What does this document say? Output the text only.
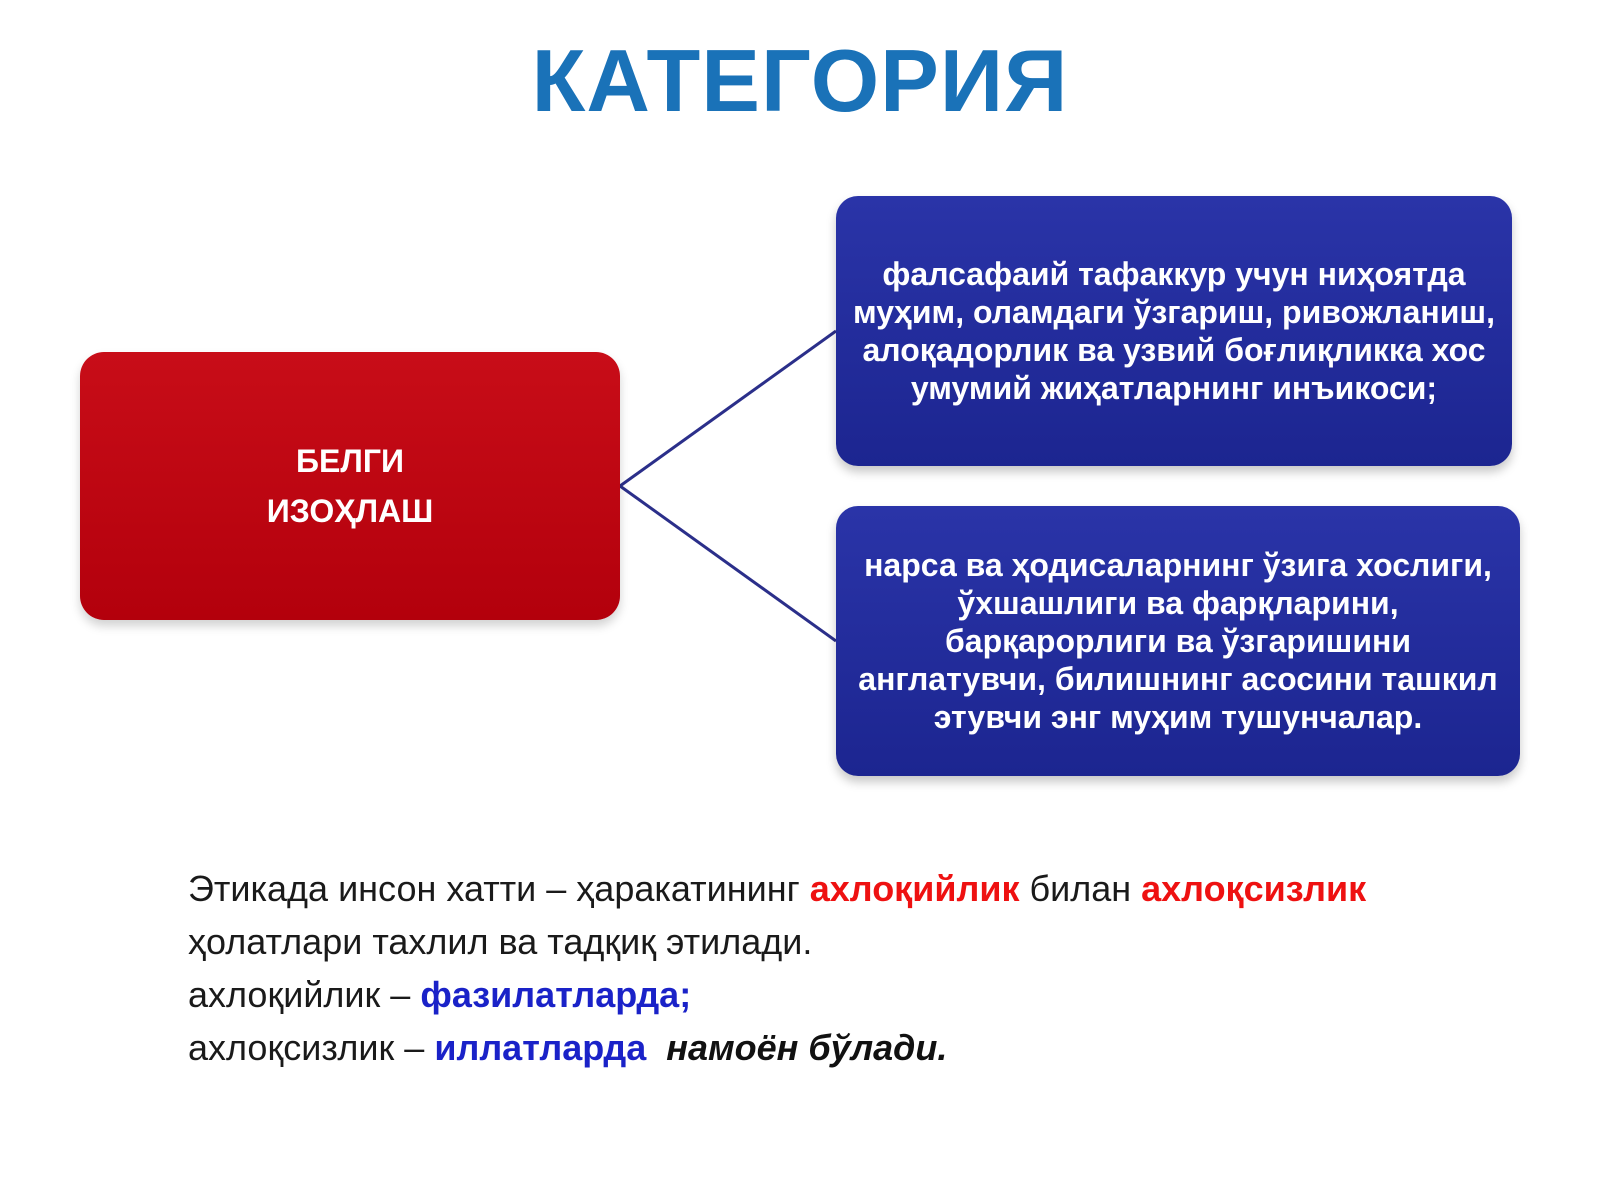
КАТЕГОРИЯ
БЕЛГИ
ИЗОҲЛАШ

фалсафаий тафаккур учун ниҳоятда муҳим, оламдаги ўзгариш, ривожланиш, алоқадорлик ва узвий боғлиқликка хос умумий жиҳатларнинг инъикоси;

нарса ва ҳодисаларнинг ўзига хослиги, ўхшашлиги ва фарқларини, барқарорлиги ва ўзгаришини англатувчи, билишнинг асосини ташкил этувчи энг муҳим тушунчалар.

Этикада инсон хатти – ҳаракатининг ахлоқийлик билан ахлоқсизлик
ҳолатлари тахлил ва тадқиқ этилади.
ахлоқийлик – фазилатларда;
ахлоқсизлик – иллатларда намоён бўлади.
